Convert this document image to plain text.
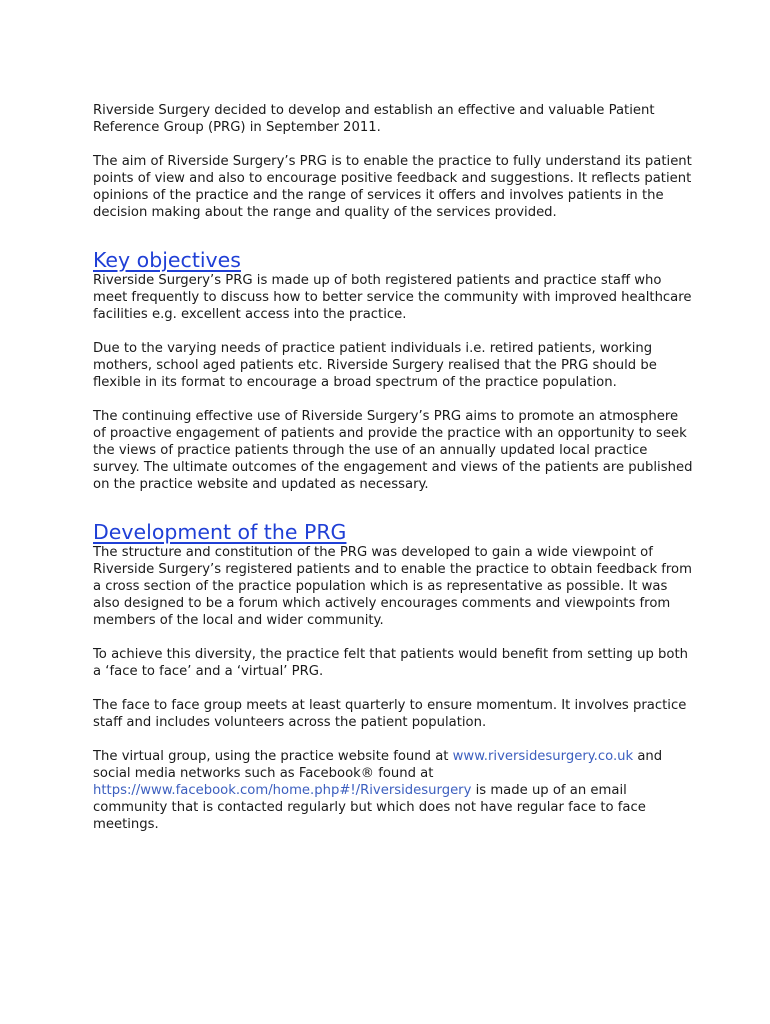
Riverside Surgery decided to develop and establish an effective and valuable Patient Reference Group (PRG) in September 2011.

The aim of Riverside Surgery’s PRG is to enable the practice to fully understand its patient points of view and also to encourage positive feedback and suggestions. It reflects patient opinions of the practice and the range of services it offers and involves patients in the decision making about the range and quality of the services provided.

Key objectives

Riverside Surgery’s PRG is made up of both registered patients and practice staff who meet frequently to discuss how to better service the community with improved healthcare facilities e.g. excellent access into the practice.

Due to the varying needs of practice patient individuals i.e. retired patients, working mothers, school aged patients etc. Riverside Surgery realised that the PRG should be flexible in its format to encourage a broad spectrum of the practice population.

The continuing effective use of Riverside Surgery’s PRG aims to promote an atmosphere of proactive engagement of patients and provide the practice with an opportunity to seek the views of practice patients through the use of an annually updated local practice survey. The ultimate outcomes of the engagement and views of the patients are published on the practice website and updated as necessary.

Development of the PRG

The structure and constitution of the PRG was developed to gain a wide viewpoint of Riverside Surgery’s registered patients and to enable the practice to obtain feedback from a cross section of the practice population which is as representative as possible. It was also designed to be a forum which actively encourages comments and viewpoints from members of the local and wider community.

To achieve this diversity, the practice felt that patients would benefit from setting up both a ‘face to face’ and a ‘virtual’ PRG.

The face to face group meets at least quarterly to ensure momentum. It involves practice staff and includes volunteers across the patient population.

The virtual group, using the practice website found at www.riversidesurgery.co.uk and social media networks such as Facebook® found at https://www.facebook.com/home.php#!/Riversidesurgery is made up of an email community that is contacted regularly but which does not have regular face to face meetings.
